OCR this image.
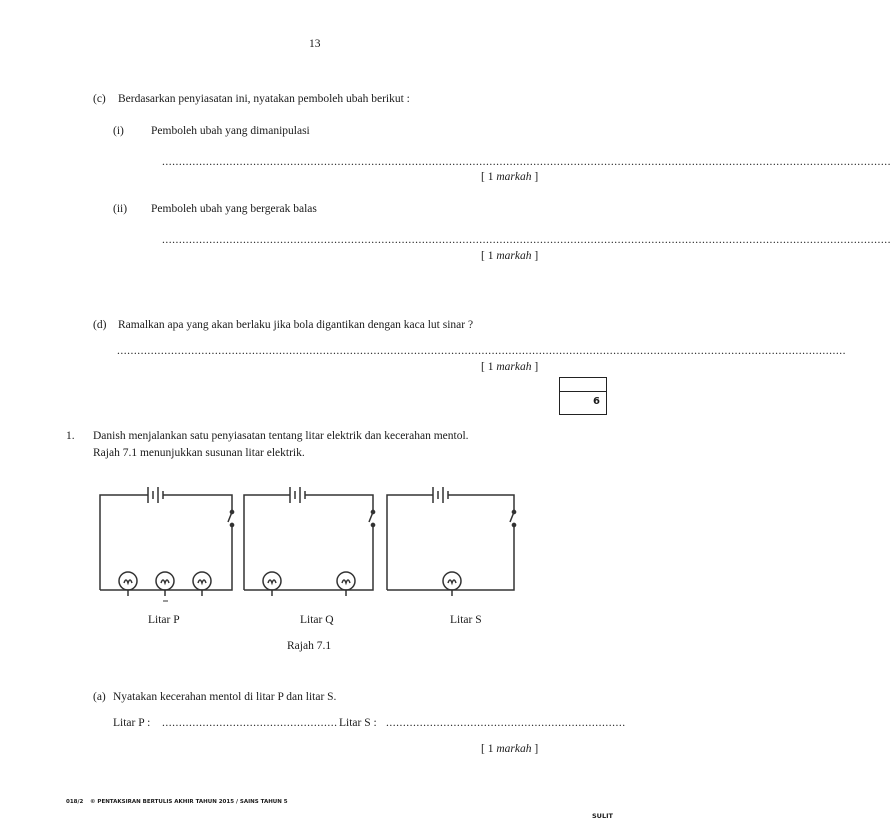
13
(c) Berdasarkan penyiasatan ini, nyatakan pemboleh ubah berikut :
(i) Pemboleh ubah yang dimanipulasi
........................................................................................................................................................................................................................
[ 1 markah ]
(ii) Pemboleh ubah yang bergerak balas
........................................................................................................................................................................................................................
[ 1 markah ]
(d) Ramalkan apa yang akan berlaku jika bola digantikan dengan kaca lut sinar ?
........................................................................................................................................................................................................................
[ 1 markah ]
6
1. Danish menjalankan satu penyiasatan tentang litar elektrik dan kecerahan mentol.
Rajah 7.1 menunjukkan susunan litar elektrik.
Litar P	Litar Q	Litar S
Rajah 7.1
(a) Nyatakan kecerahan mentol di litar P dan litar S.
Litar P : .................................................... Litar S : .......................................................................
[ 1 markah ]
018/2 © PENTAKSIRAN BERTULIS AKHIR TAHUN 2015 / SAINS TAHUN 5
SULIT
